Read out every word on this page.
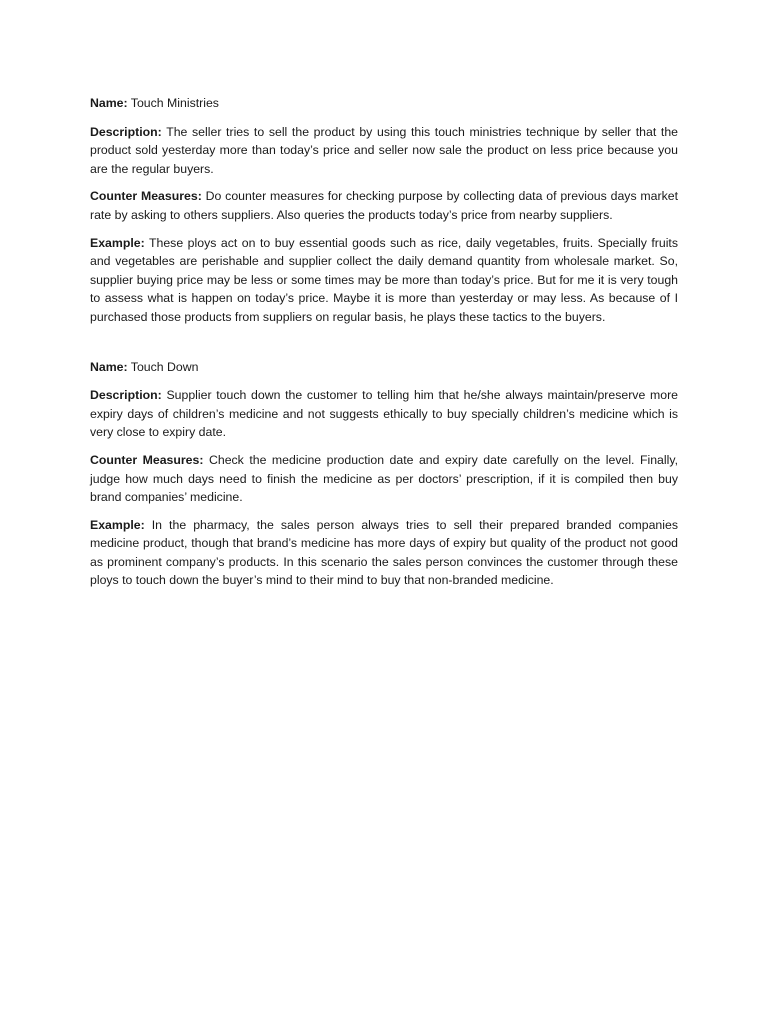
Name: Touch Ministries

Description: The seller tries to sell the product by using this touch ministries technique by seller that the product sold yesterday more than today’s price and seller now sale the product on less price because you are the regular buyers.

Counter Measures: Do counter measures for checking purpose by collecting data of previous days market rate by asking to others suppliers. Also queries the products today’s price from nearby suppliers.

Example: These ploys act on to buy essential goods such as rice, daily vegetables, fruits. Specially fruits and vegetables are perishable and supplier collect the daily demand quantity from wholesale market. So, supplier buying price may be less or some times may be more than today’s price. But for me it is very tough to assess what is happen on today’s price. Maybe it is more than yesterday or may less. As because of I purchased those products from suppliers on regular basis, he plays these tactics to the buyers.

Name: Touch Down

Description: Supplier touch down the customer to telling him that he/she always maintain/preserve more expiry days of children’s medicine and not suggests ethically to buy specially children’s medicine which is very close to expiry date.

Counter Measures: Check the medicine production date and expiry date carefully on the level. Finally, judge how much days need to finish the medicine as per doctors’ prescription, if it is compiled then buy brand companies’ medicine.

Example: In the pharmacy, the sales person always tries to sell their prepared branded companies medicine product, though that brand’s medicine has more days of expiry but quality of the product not good as prominent company’s products. In this scenario the sales person convinces the customer through these ploys to touch down the buyer’s mind to their mind to buy that non-branded medicine.
